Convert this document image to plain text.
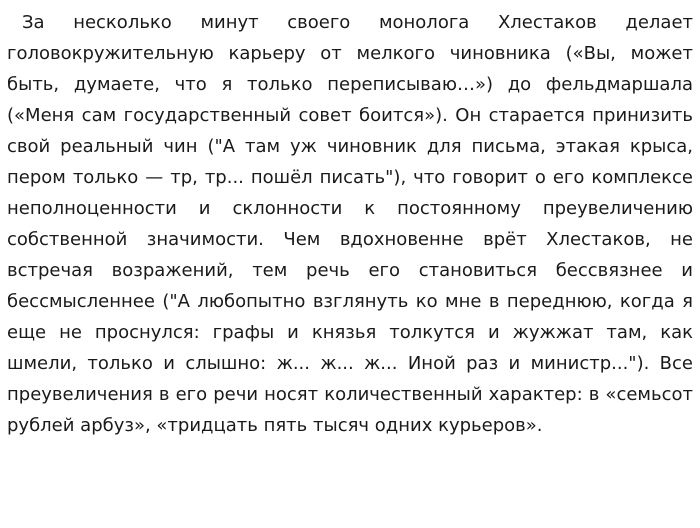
За несколько минут своего монолога Хлестаков делает головокружительную карьеру от мелкого чиновника («Вы, может быть, думаете, что я только переписываю…») до фельдмаршала («Меня сам государственный совет боится»). Он старается принизить свой реальный чин ("А там уж чиновник для письма, этакая крыса, пером только — тр, тр... пошёл писать"), что говорит о его комплексе неполноценности и склонности к постоянному преувеличению собственной значимости. Чем вдохновенне врёт Хлестаков, не встречая возражений, тем речь его становиться бессвязнее и бессмысленнее ("А любопытно взглянуть ко мне в переднюю, когда я еще не проснулся: графы и князья толкутся и жужжат там, как шмели, только и слышно: ж... ж... ж... Иной раз и министр..."). Все преувеличения в его речи носят количественный характер: в «семьсот рублей арбуз», «тридцать пять тысяч одних курьеров».
